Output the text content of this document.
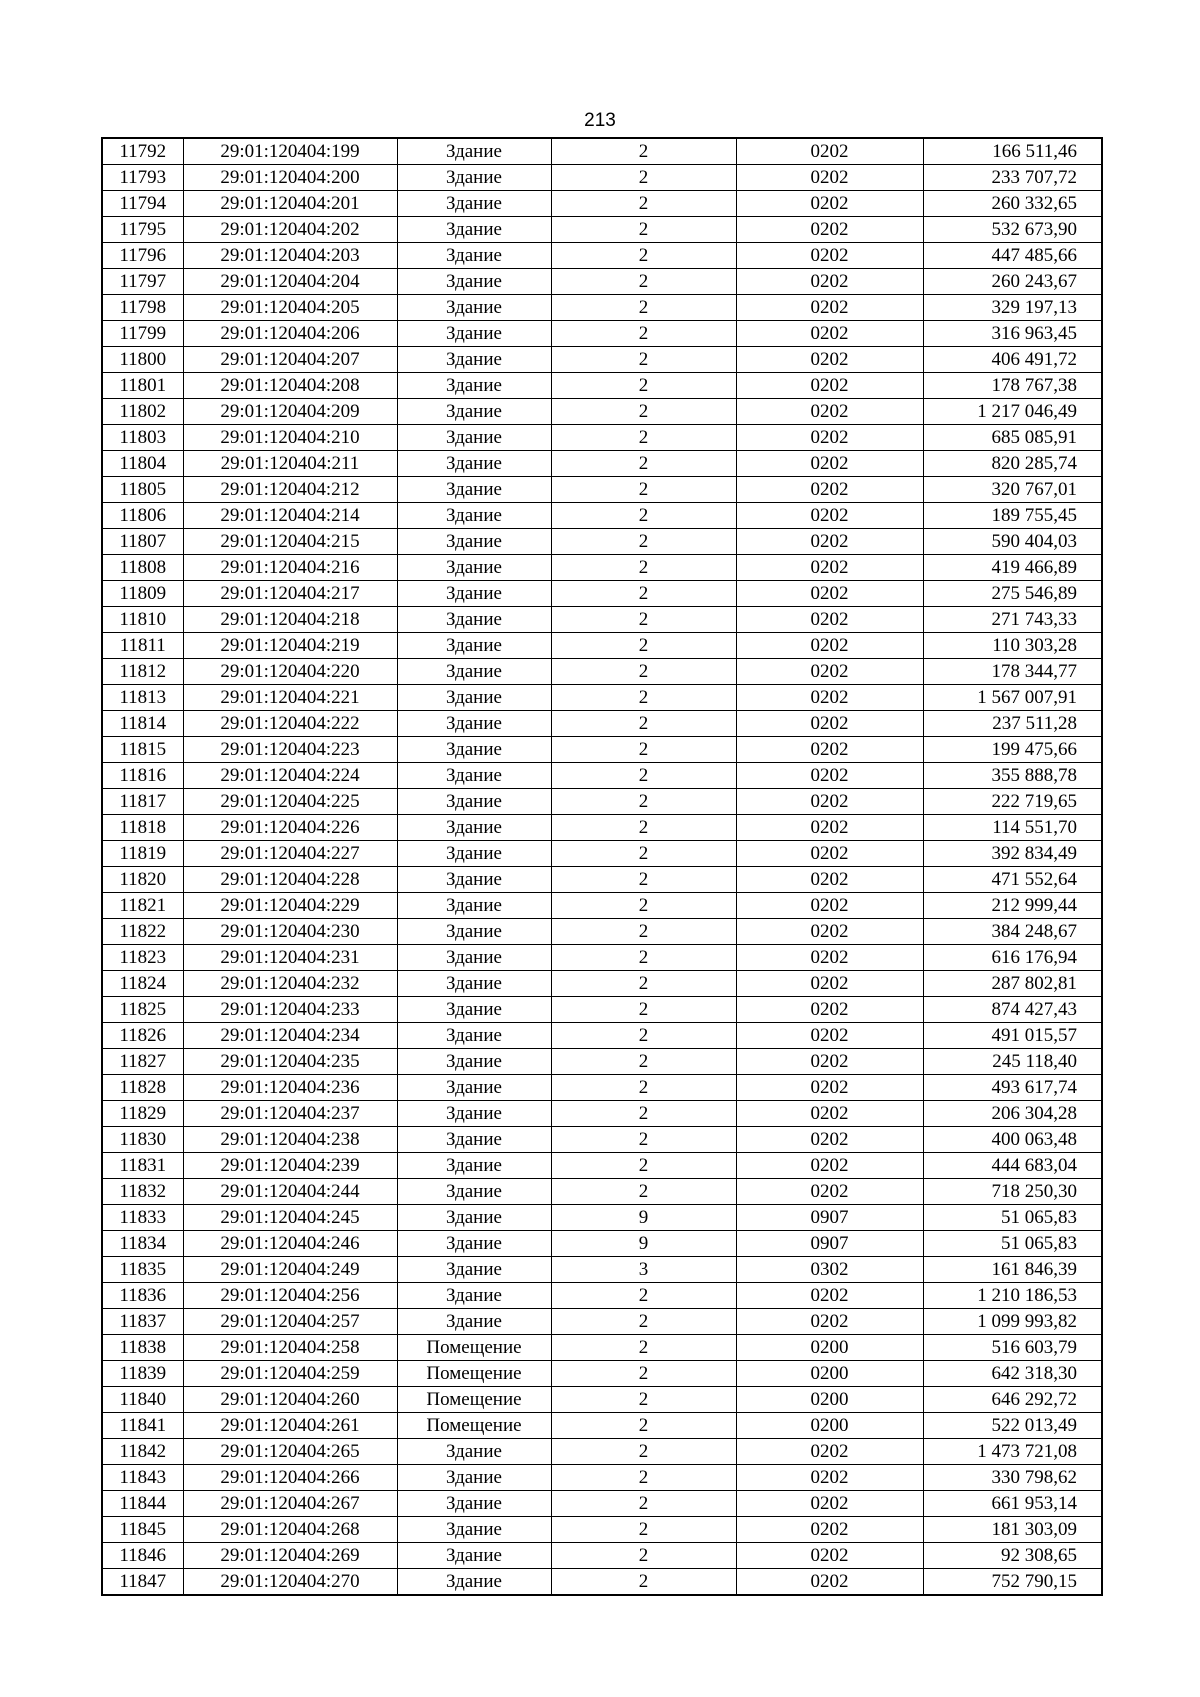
213
11792	29:01:120404:199	Здание	2	0202	166 511,46
11793	29:01:120404:200	Здание	2	0202	233 707,72
11794	29:01:120404:201	Здание	2	0202	260 332,65
11795	29:01:120404:202	Здание	2	0202	532 673,90
11796	29:01:120404:203	Здание	2	0202	447 485,66
11797	29:01:120404:204	Здание	2	0202	260 243,67
11798	29:01:120404:205	Здание	2	0202	329 197,13
11799	29:01:120404:206	Здание	2	0202	316 963,45
11800	29:01:120404:207	Здание	2	0202	406 491,72
11801	29:01:120404:208	Здание	2	0202	178 767,38
11802	29:01:120404:209	Здание	2	0202	1 217 046,49
11803	29:01:120404:210	Здание	2	0202	685 085,91
11804	29:01:120404:211	Здание	2	0202	820 285,74
11805	29:01:120404:212	Здание	2	0202	320 767,01
11806	29:01:120404:214	Здание	2	0202	189 755,45
11807	29:01:120404:215	Здание	2	0202	590 404,03
11808	29:01:120404:216	Здание	2	0202	419 466,89
11809	29:01:120404:217	Здание	2	0202	275 546,89
11810	29:01:120404:218	Здание	2	0202	271 743,33
11811	29:01:120404:219	Здание	2	0202	110 303,28
11812	29:01:120404:220	Здание	2	0202	178 344,77
11813	29:01:120404:221	Здание	2	0202	1 567 007,91
11814	29:01:120404:222	Здание	2	0202	237 511,28
11815	29:01:120404:223	Здание	2	0202	199 475,66
11816	29:01:120404:224	Здание	2	0202	355 888,78
11817	29:01:120404:225	Здание	2	0202	222 719,65
11818	29:01:120404:226	Здание	2	0202	114 551,70
11819	29:01:120404:227	Здание	2	0202	392 834,49
11820	29:01:120404:228	Здание	2	0202	471 552,64
11821	29:01:120404:229	Здание	2	0202	212 999,44
11822	29:01:120404:230	Здание	2	0202	384 248,67
11823	29:01:120404:231	Здание	2	0202	616 176,94
11824	29:01:120404:232	Здание	2	0202	287 802,81
11825	29:01:120404:233	Здание	2	0202	874 427,43
11826	29:01:120404:234	Здание	2	0202	491 015,57
11827	29:01:120404:235	Здание	2	0202	245 118,40
11828	29:01:120404:236	Здание	2	0202	493 617,74
11829	29:01:120404:237	Здание	2	0202	206 304,28
11830	29:01:120404:238	Здание	2	0202	400 063,48
11831	29:01:120404:239	Здание	2	0202	444 683,04
11832	29:01:120404:244	Здание	2	0202	718 250,30
11833	29:01:120404:245	Здание	9	0907	51 065,83
11834	29:01:120404:246	Здание	9	0907	51 065,83
11835	29:01:120404:249	Здание	3	0302	161 846,39
11836	29:01:120404:256	Здание	2	0202	1 210 186,53
11837	29:01:120404:257	Здание	2	0202	1 099 993,82
11838	29:01:120404:258	Помещение	2	0200	516 603,79
11839	29:01:120404:259	Помещение	2	0200	642 318,30
11840	29:01:120404:260	Помещение	2	0200	646 292,72
11841	29:01:120404:261	Помещение	2	0200	522 013,49
11842	29:01:120404:265	Здание	2	0202	1 473 721,08
11843	29:01:120404:266	Здание	2	0202	330 798,62
11844	29:01:120404:267	Здание	2	0202	661 953,14
11845	29:01:120404:268	Здание	2	0202	181 303,09
11846	29:01:120404:269	Здание	2	0202	92 308,65
11847	29:01:120404:270	Здание	2	0202	752 790,15
